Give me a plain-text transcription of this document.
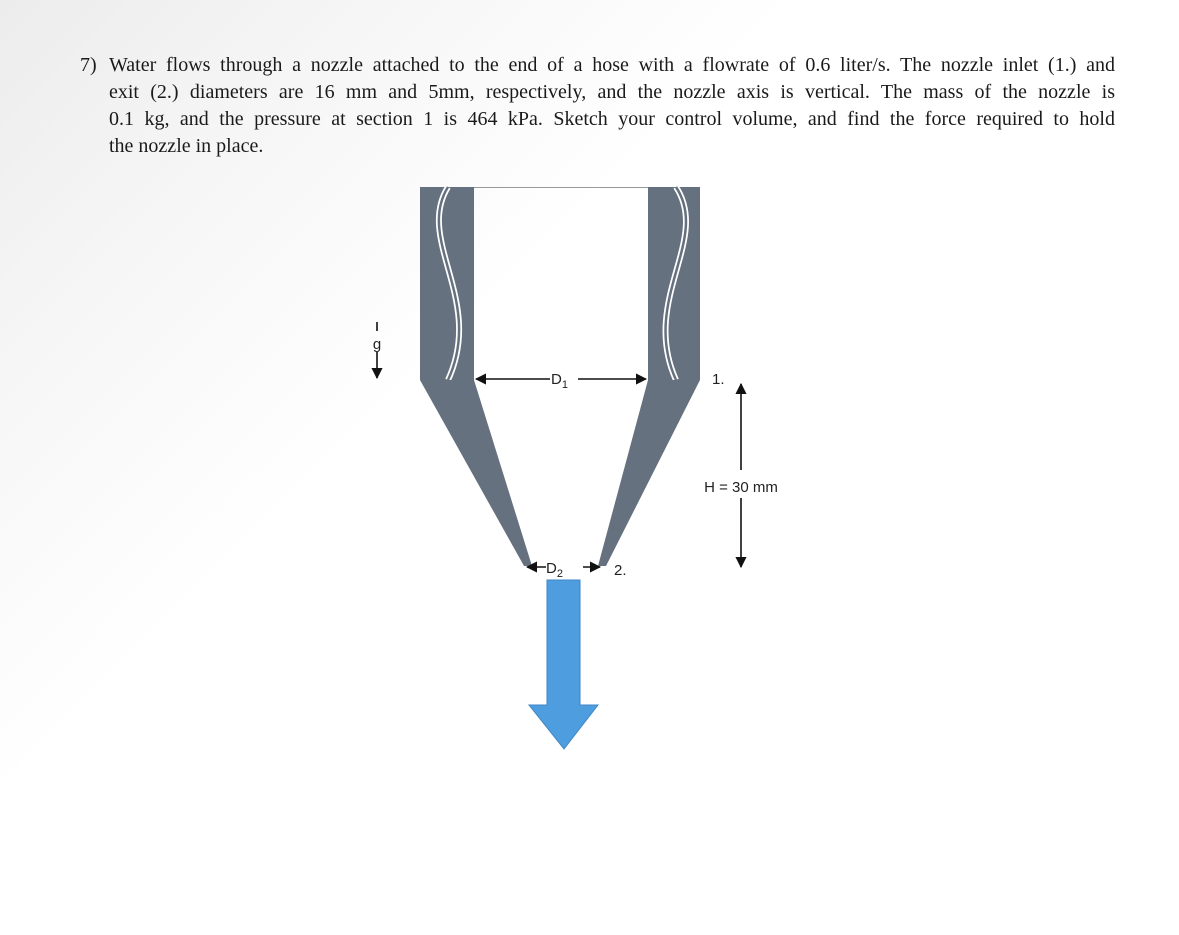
7) Water flows through a nozzle attached to the end of a hose with a flowrate of 0.6 liter/s. The nozzle inlet (1.) and
exit (2.) diameters are 16 mm and 5mm, respectively, and the nozzle axis is vertical. The mass of the nozzle is
0.1 kg, and the pressure at section 1 is 464 kPa. Sketch your control volume, and find the force required to hold
the nozzle in place.
$D_1$
$D_2$
1.
2.
H = 30 mm
g
